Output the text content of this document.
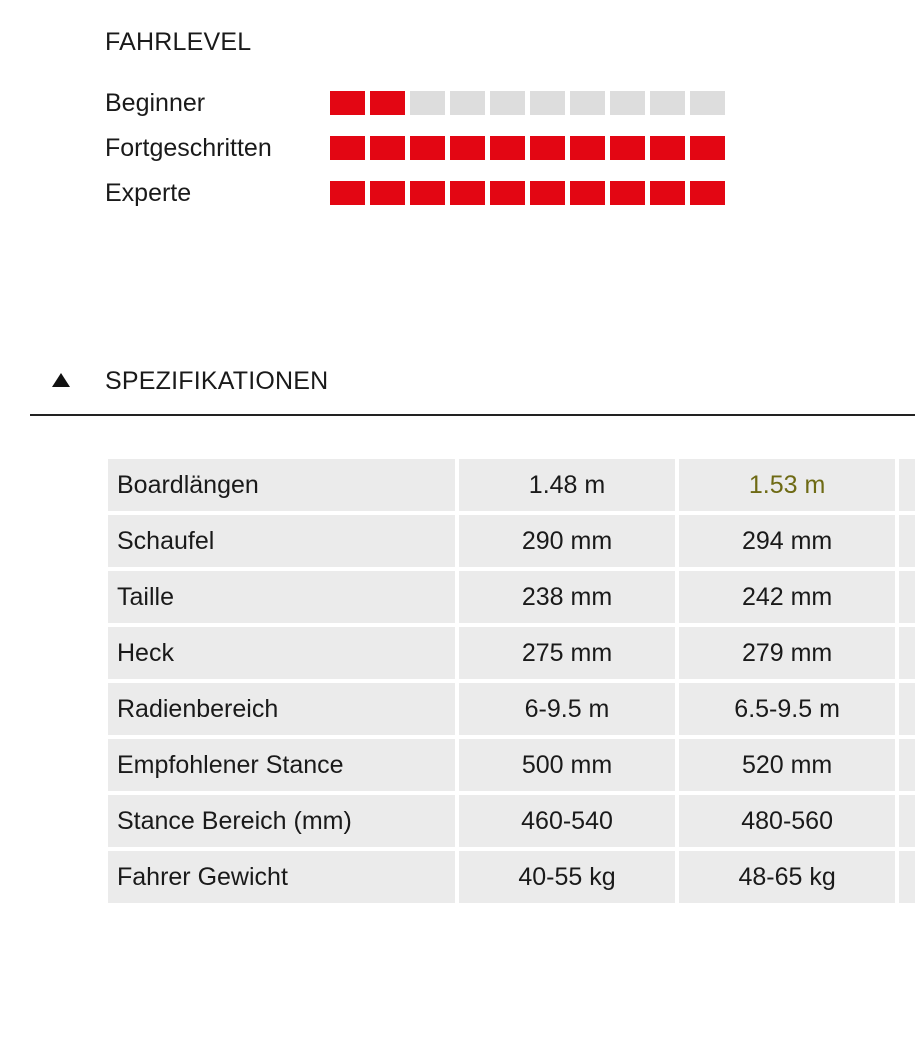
FAHRLEVEL
Beginner
Fortgeschritten
Experte
SPEZIFIKATIONEN
Boardlängen	1.48 m	1.53 m	
Schaufel	290 mm	294 mm	
Taille	238 mm	242 mm	
Heck	275 mm	279 mm	
Radienbereich	6-9.5 m	6.5-9.5 m	
Empfohlener Stance	500 mm	520 mm	
Stance Bereich (mm)	460-540	480-560	
Fahrer Gewicht	40-55 kg	48-65 kg	
